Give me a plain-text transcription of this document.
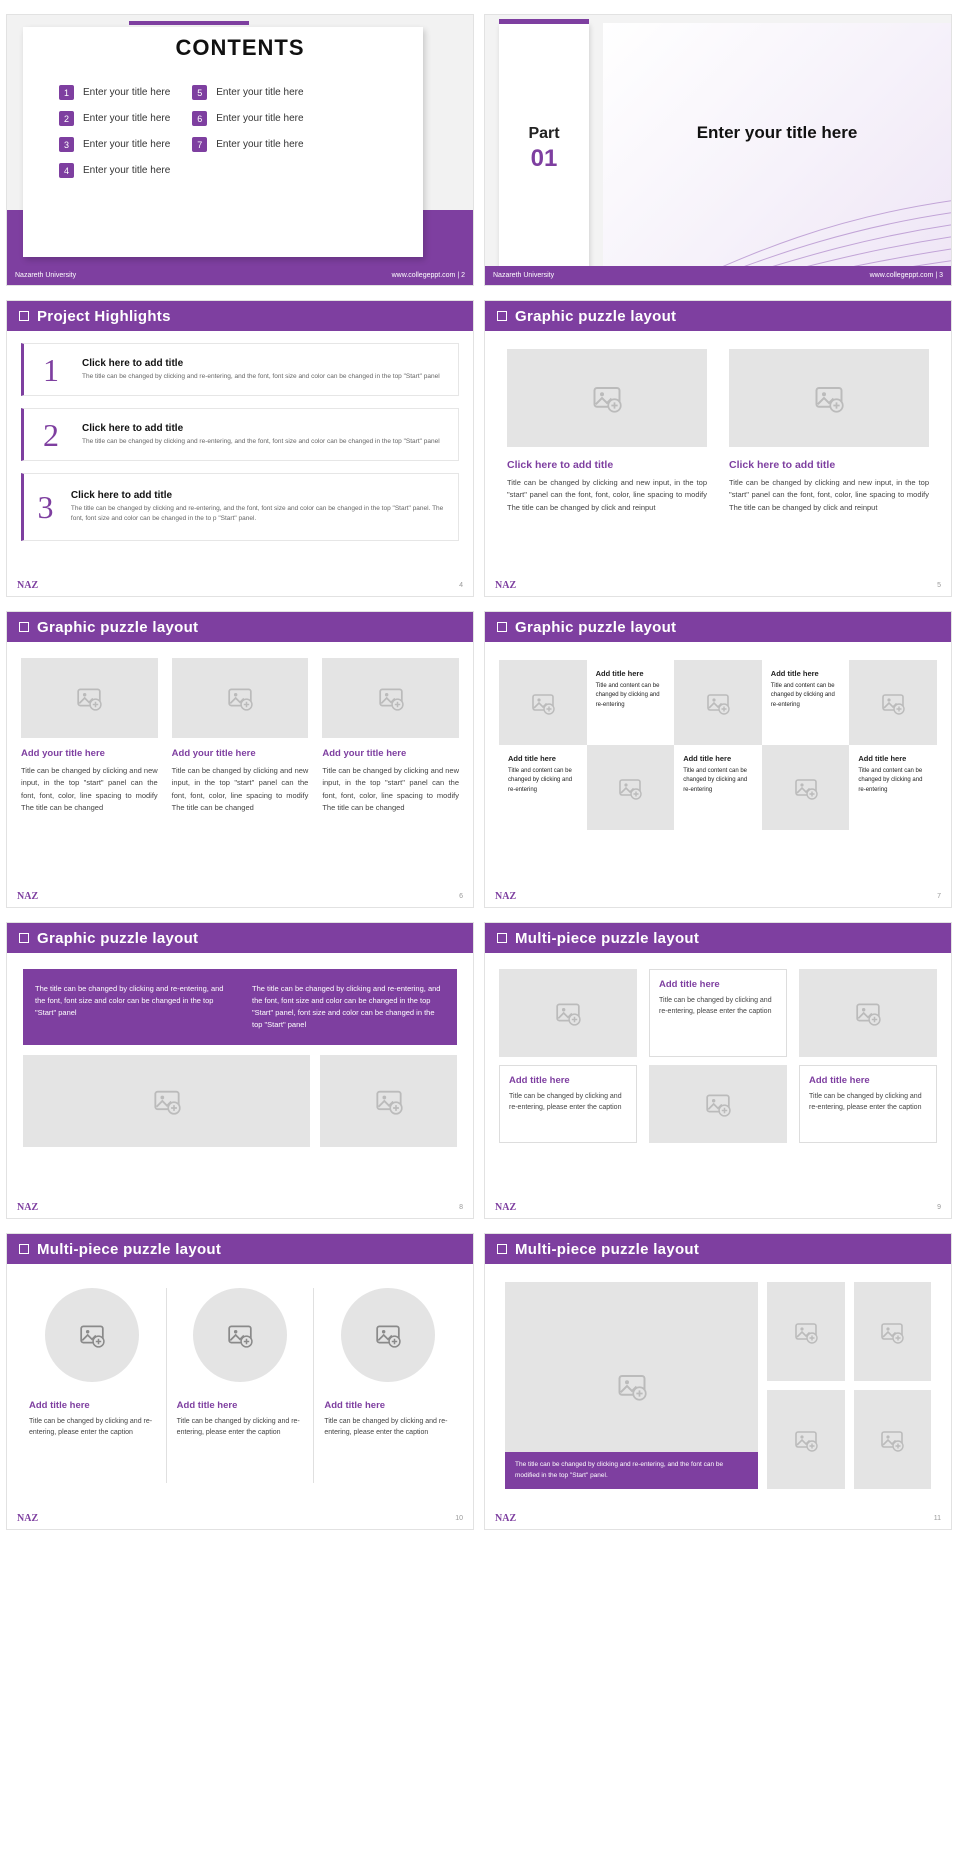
CONTENTS
1	Enter your title here
2	Enter your title here
3	Enter your title here
4	Enter your title here
5	Enter your title here
6	Enter your title here
7	Enter your title here
Nazareth University	www.collegeppt.com | 2
Enter your title here
Part
01
Nazareth University	www.collegeppt.com | 3
Project Highlights
1	Click here to add title
The title can be changed by clicking and re-entering, and the font, font size and color can be changed in the top "Start" panel
2	Click here to add title
The title can be changed by clicking and re-entering, and the font, font size and color can be changed in the top "Start" panel
3	Click here to add title
The title can be changed by clicking and re-entering, and the font, font size and color can be changed in the top "Start" panel. The font, font size and color can be changed in the to p "Start" panel.
NAZ	4
Graphic puzzle layout
Click here to add title
Title can be changed by clicking and new input, in the top "start" panel can the font, font, color, line spacing to modify The title can be changed by click and reinput
Click here to add title
Title can be changed by clicking and new input, in the top "start" panel can the font, font, color, line spacing to modify The title can be changed by click and reinput
NAZ	5
Graphic puzzle layout
Add your title here
Title can be changed by clicking and new input, in the top "start" panel can the font, font, color, line spacing to modify The title can be changed
Add your title here
Title can be changed by clicking and new input, in the top "start" panel can the font, font, color, line spacing to modify The title can be changed
Add your title here
Title can be changed by clicking and new input, in the top "start" panel can the font, font, color, line spacing to modify The title can be changed
NAZ	6
Graphic puzzle layout
Add title here
Title and content can be changed by clicking and re-entering
Add title here
Title and content can be changed by clicking and re-entering
Add title here
Title and content can be changed by clicking and re-entering
Add title here
Title and content can be changed by clicking and re-entering
Add title here
Title and content can be changed by clicking and re-entering
NAZ	7
Graphic puzzle layout
The title can be changed by clicking and re-entering, and the font, font size and color can be changed in the top "Start" panel
The title can be changed by clicking and re-entering, and the font, font size and color can be changed in the top "Start" panel, font size and color can be changed in the top "Start" panel
NAZ	8
Multi-piece puzzle layout
Add title here
Title can be changed by clicking and re-entering, please enter the caption
Add title here
Title can be changed by clicking and re-entering, please enter the caption
Add title here
Title can be changed by clicking and re-entering, please enter the caption
NAZ	9
Multi-piece puzzle layout
Add title here
Title can be changed by clicking and re-entering, please enter the caption
Add title here
Title can be changed by clicking and re-entering, please enter the caption
Add title here
Title can be changed by clicking and re-entering, please enter the caption
NAZ	10
Multi-piece puzzle layout
The title can be changed by clicking and re-entering, and the font can be modified in the top "Start" panel.
NAZ	11
